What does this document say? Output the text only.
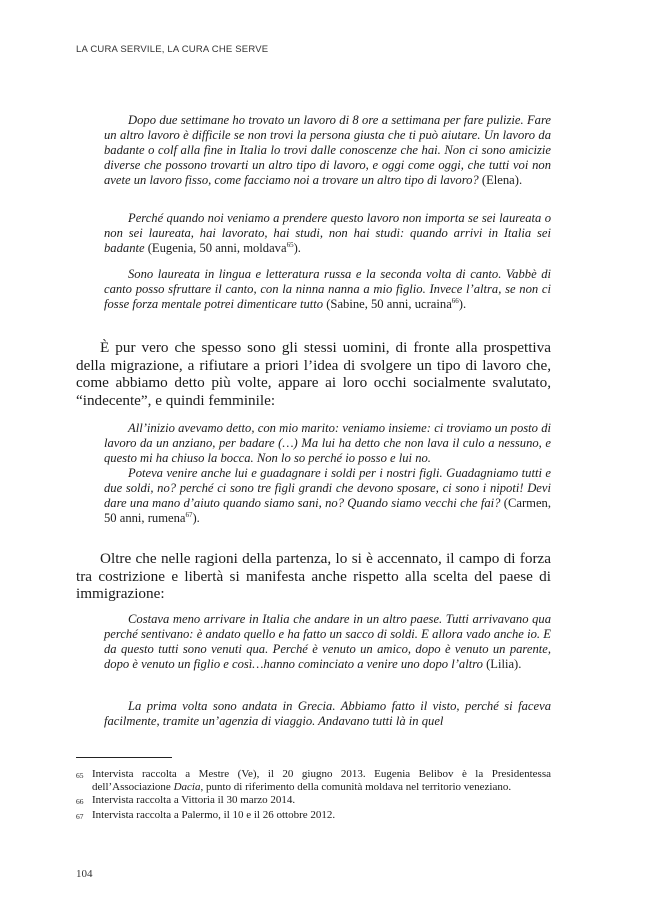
LA CURA SERVILE, LA CURA CHE SERVE

Dopo due settimane ho trovato un lavoro di 8 ore a settimana per fare pulizie. Fare un altro lavoro è difficile se non trovi la persona giusta che ti può aiutare. Un lavoro da badante o colf alla fine in Italia lo trovi dalle conoscenze che hai. Non ci sono amicizie diverse che possono trovarti un altro tipo di lavoro, e oggi come oggi, che tutti voi non avete un lavoro fisso, come facciamo noi a trovare un altro tipo di lavoro? (Elena).

Perché quando noi veniamo a prendere questo lavoro non importa se sei laureata o non sei laureata, hai lavorato, hai studi, non hai studi: quando arrivi in Italia sei badante (Eugenia, 50 anni, moldava$^{65}$).

Sono laureata in lingua e letteratura russa e la seconda volta di canto. Vabbè di canto posso sfruttare il canto, con la ninna nanna a mio figlio. Invece l’altra, se non ci fosse forza mentale potrei dimenticare tutto (Sabine, 50 anni, ucraina$^{66}$).

È pur vero che spesso sono gli stessi uomini, di fronte alla prospettiva della migrazione, a rifiutare a priori l’idea di svolgere un tipo di lavoro che, come abbiamo detto più volte, appare ai loro occhi socialmente svalutato, “indecente”, e quindi femminile:

All’inizio avevamo detto, con mio marito: veniamo insieme: ci troviamo un posto di lavoro da un anziano, per badare (…) Ma lui ha detto che non lava il culo a nessuno, e questo mi ha chiuso la bocca. Non lo so perché io posso e lui no.

Poteva venire anche lui e guadagnare i soldi per i nostri figli. Guadagniamo tutti e due soldi, no? perché ci sono tre figli grandi che devono sposare, ci sono i nipoti! Devi dare una mano d’aiuto quando siamo sani, no? Quando siamo vecchi che fai? (Carmen, 50 anni, rumena$^{67}$).

Oltre che nelle ragioni della partenza, lo si è accennato, il campo di forza tra costrizione e libertà si manifesta anche rispetto alla scelta del paese di immigrazione:

Costava meno arrivare in Italia che andare in un altro paese. Tutti arrivavano qua perché sentivano: è andato quello e ha fatto un sacco di soldi. E allora vado anche io. E da questo tutti sono venuti qua. Perché è venuto un amico, dopo è venuto un parente, dopo è venuto un figlio e così…hanno cominciato a venire uno dopo l’altro (Lilia).

La prima volta sono andata in Grecia. Abbiamo fatto il visto, perché si faceva facilmente, tramite un’agenzia di viaggio. Andavano tutti là in quel

65 Intervista raccolta a Mestre (Ve), il 20 giugno 2013. Eugenia Belibov è la Presidentessa dell’Associazione Dacia, punto di riferimento della comunità moldava nel territorio veneziano.
66 Intervista raccolta a Vittoria il 30 marzo 2014.
67 Intervista raccolta a Palermo, il 10 e il 26 ottobre 2012.
104
